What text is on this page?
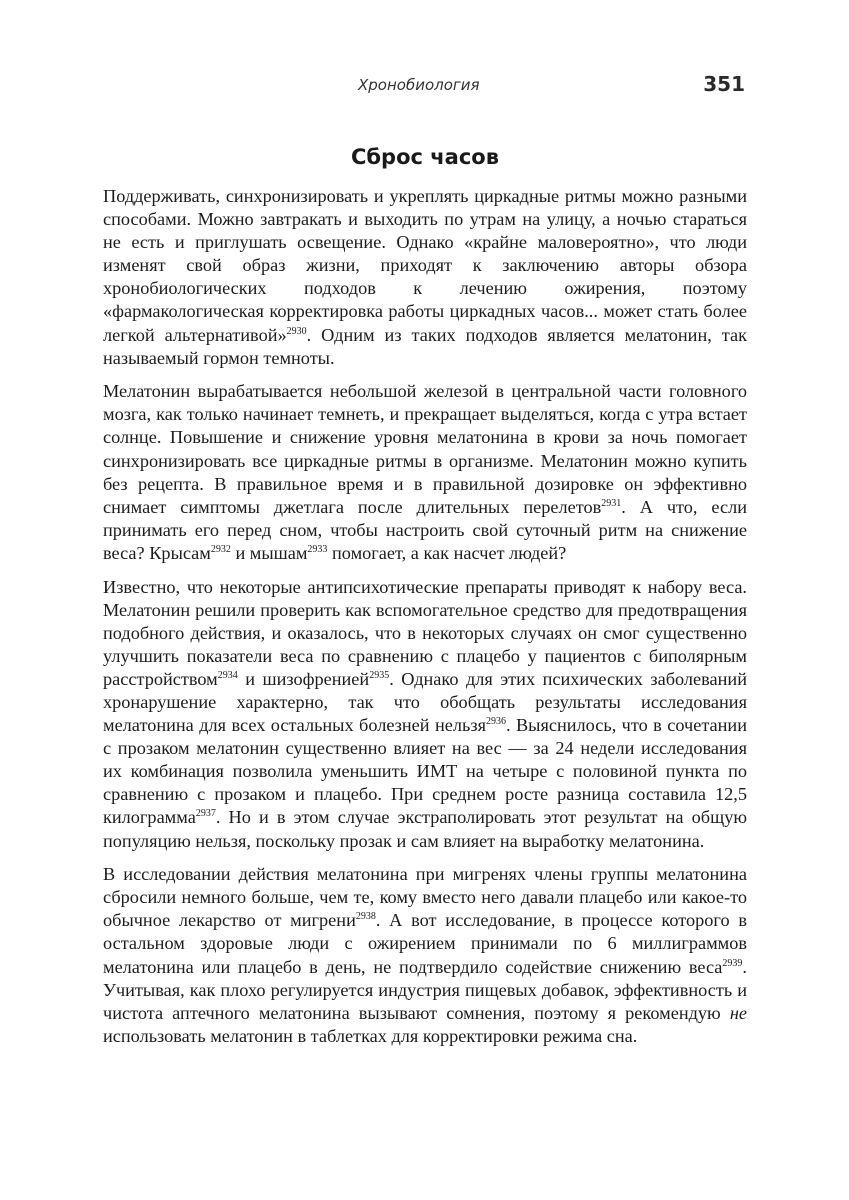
Хронобиология	351
Сброс часов

Поддерживать, синхронизировать и укреплять циркадные ритмы можно разными способами. Можно завтракать и выходить по утрам на улицу, а ночью стараться не есть и приглушать освещение. Однако «крайне маловероятно», что люди изменят свой образ жизни, приходят к заключению авторы обзора хронобиологических подходов к лечению ожирения, поэтому «фармакологическая корректировка работы циркадных часов... может стать более легкой альтернативой»$^{2930}$. Одним из таких подходов является мелатонин, так называемый гормон темноты.

Мелатонин вырабатывается небольшой железой в центральной части головного мозга, как только начинает темнеть, и прекращает выделяться, когда с утра встает солнце. Повышение и снижение уровня мелатонина в крови за ночь помогает синхронизировать все циркадные ритмы в организме. Мелатонин можно купить без рецепта. В правильное время и в правильной дозировке он эффективно снимает симптомы джетлага после длительных перелетов$^{2931}$. А что, если принимать его перед сном, чтобы настроить свой суточный ритм на снижение веса? Крысам$^{2932}$ и мышам$^{2933}$ помогает, а как насчет людей?

Известно, что некоторые антипсихотические препараты приводят к набору веса. Мелатонин решили проверить как вспомогательное средство для предотвращения подобного действия, и оказалось, что в некоторых случаях он смог существенно улучшить показатели веса по сравнению с плацебо у пациентов с биполярным расстройством$^{2934}$ и шизофренией$^{2935}$. Однако для этих психических заболеваний хронарушение характерно, так что обобщать результаты исследования мелатонина для всех остальных болезней нельзя$^{2936}$. Выяснилось, что в сочетании с прозаком мелатонин существенно влияет на вес — за 24 недели исследования их комбинация позволила уменьшить ИМТ на четыре с половиной пункта по сравнению с прозаком и плацебо. При среднем росте разница составила 12,5 килограмма$^{2937}$. Но и в этом случае экстраполировать этот результат на общую популяцию нельзя, поскольку прозак и сам влияет на выработку мелатонина.

В исследовании действия мелатонина при мигренях члены группы мелатонина сбросили немного больше, чем те, кому вместо него давали плацебо или какое-то обычное лекарство от мигрени$^{2938}$. А вот исследование, в процессе которого в остальном здоровые люди с ожирением принимали по 6 миллиграммов мелатонина или плацебо в день, не подтвердило содействие снижению веса$^{2939}$. Учитывая, как плохо регулируется индустрия пищевых добавок, эффективность и чистота аптечного мелатонина вызывают сомнения, поэтому я рекомендую не использовать мелатонин в таблетках для корректировки режима сна.
